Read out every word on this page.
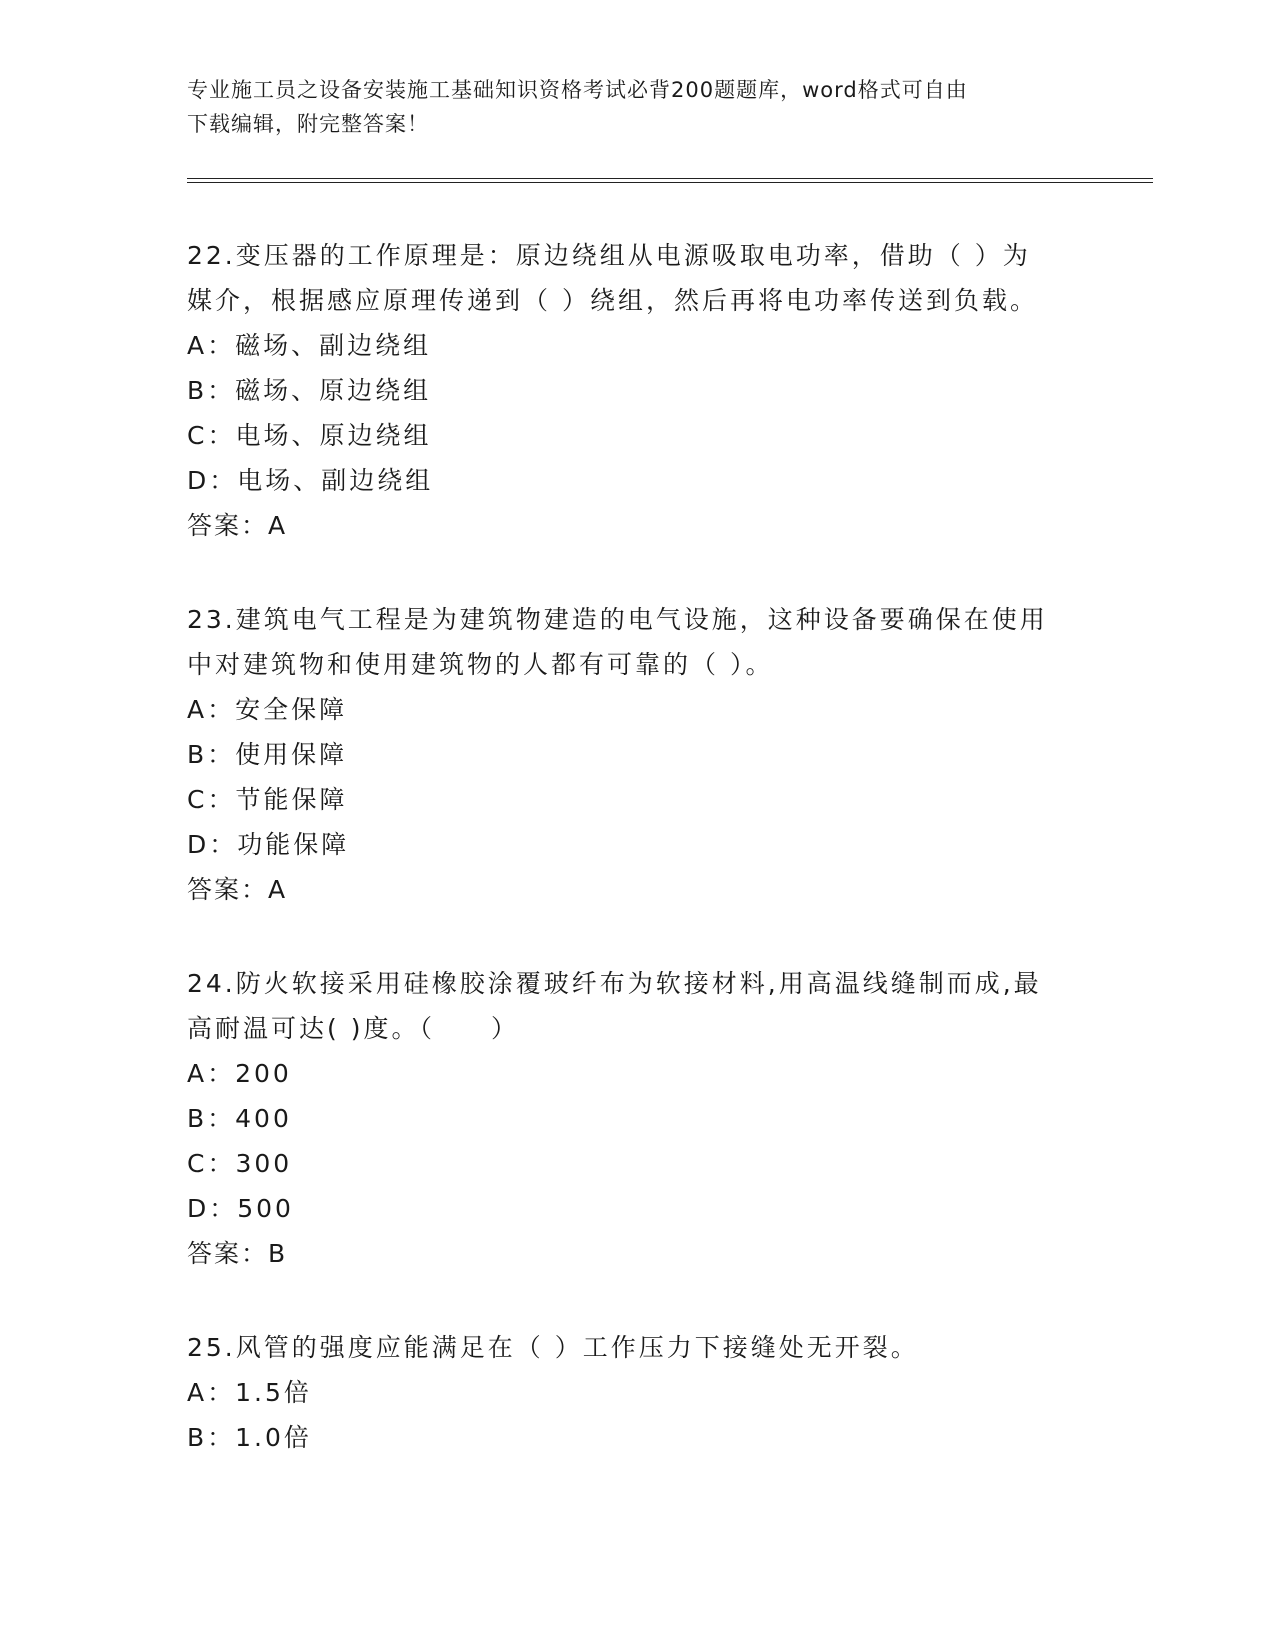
专业施工员之设备安装施工基础知识资格考试必背200题题库，word格式可自由
下载编辑，附完整答案！

22.变压器的工作原理是：原边绕组从电源吸取电功率，借助（ ）为

媒介，根据感应原理传递到（ ）绕组，然后再将电功率传送到负载。

A：磁场、副边绕组

B：磁场、原边绕组

C：电场、原边绕组

D：电场、副边绕组

答案：A

23.建筑电气工程是为建筑物建造的电气设施，这种设备要确保在使用

中对建筑物和使用建筑物的人都有可靠的（ ）。

A：安全保障

B：使用保障

C：节能保障

D：功能保障

答案：A

24.防火软接采用硅橡胶涂覆玻纤布为软接材料,用高温线缝制而成,最

高耐温可达( )度。（　　）

A：200

B：400

C：300

D：500

答案：B

25.风管的强度应能满足在（ ）工作压力下接缝处无开裂。

A：1.5倍

B：1.0倍
